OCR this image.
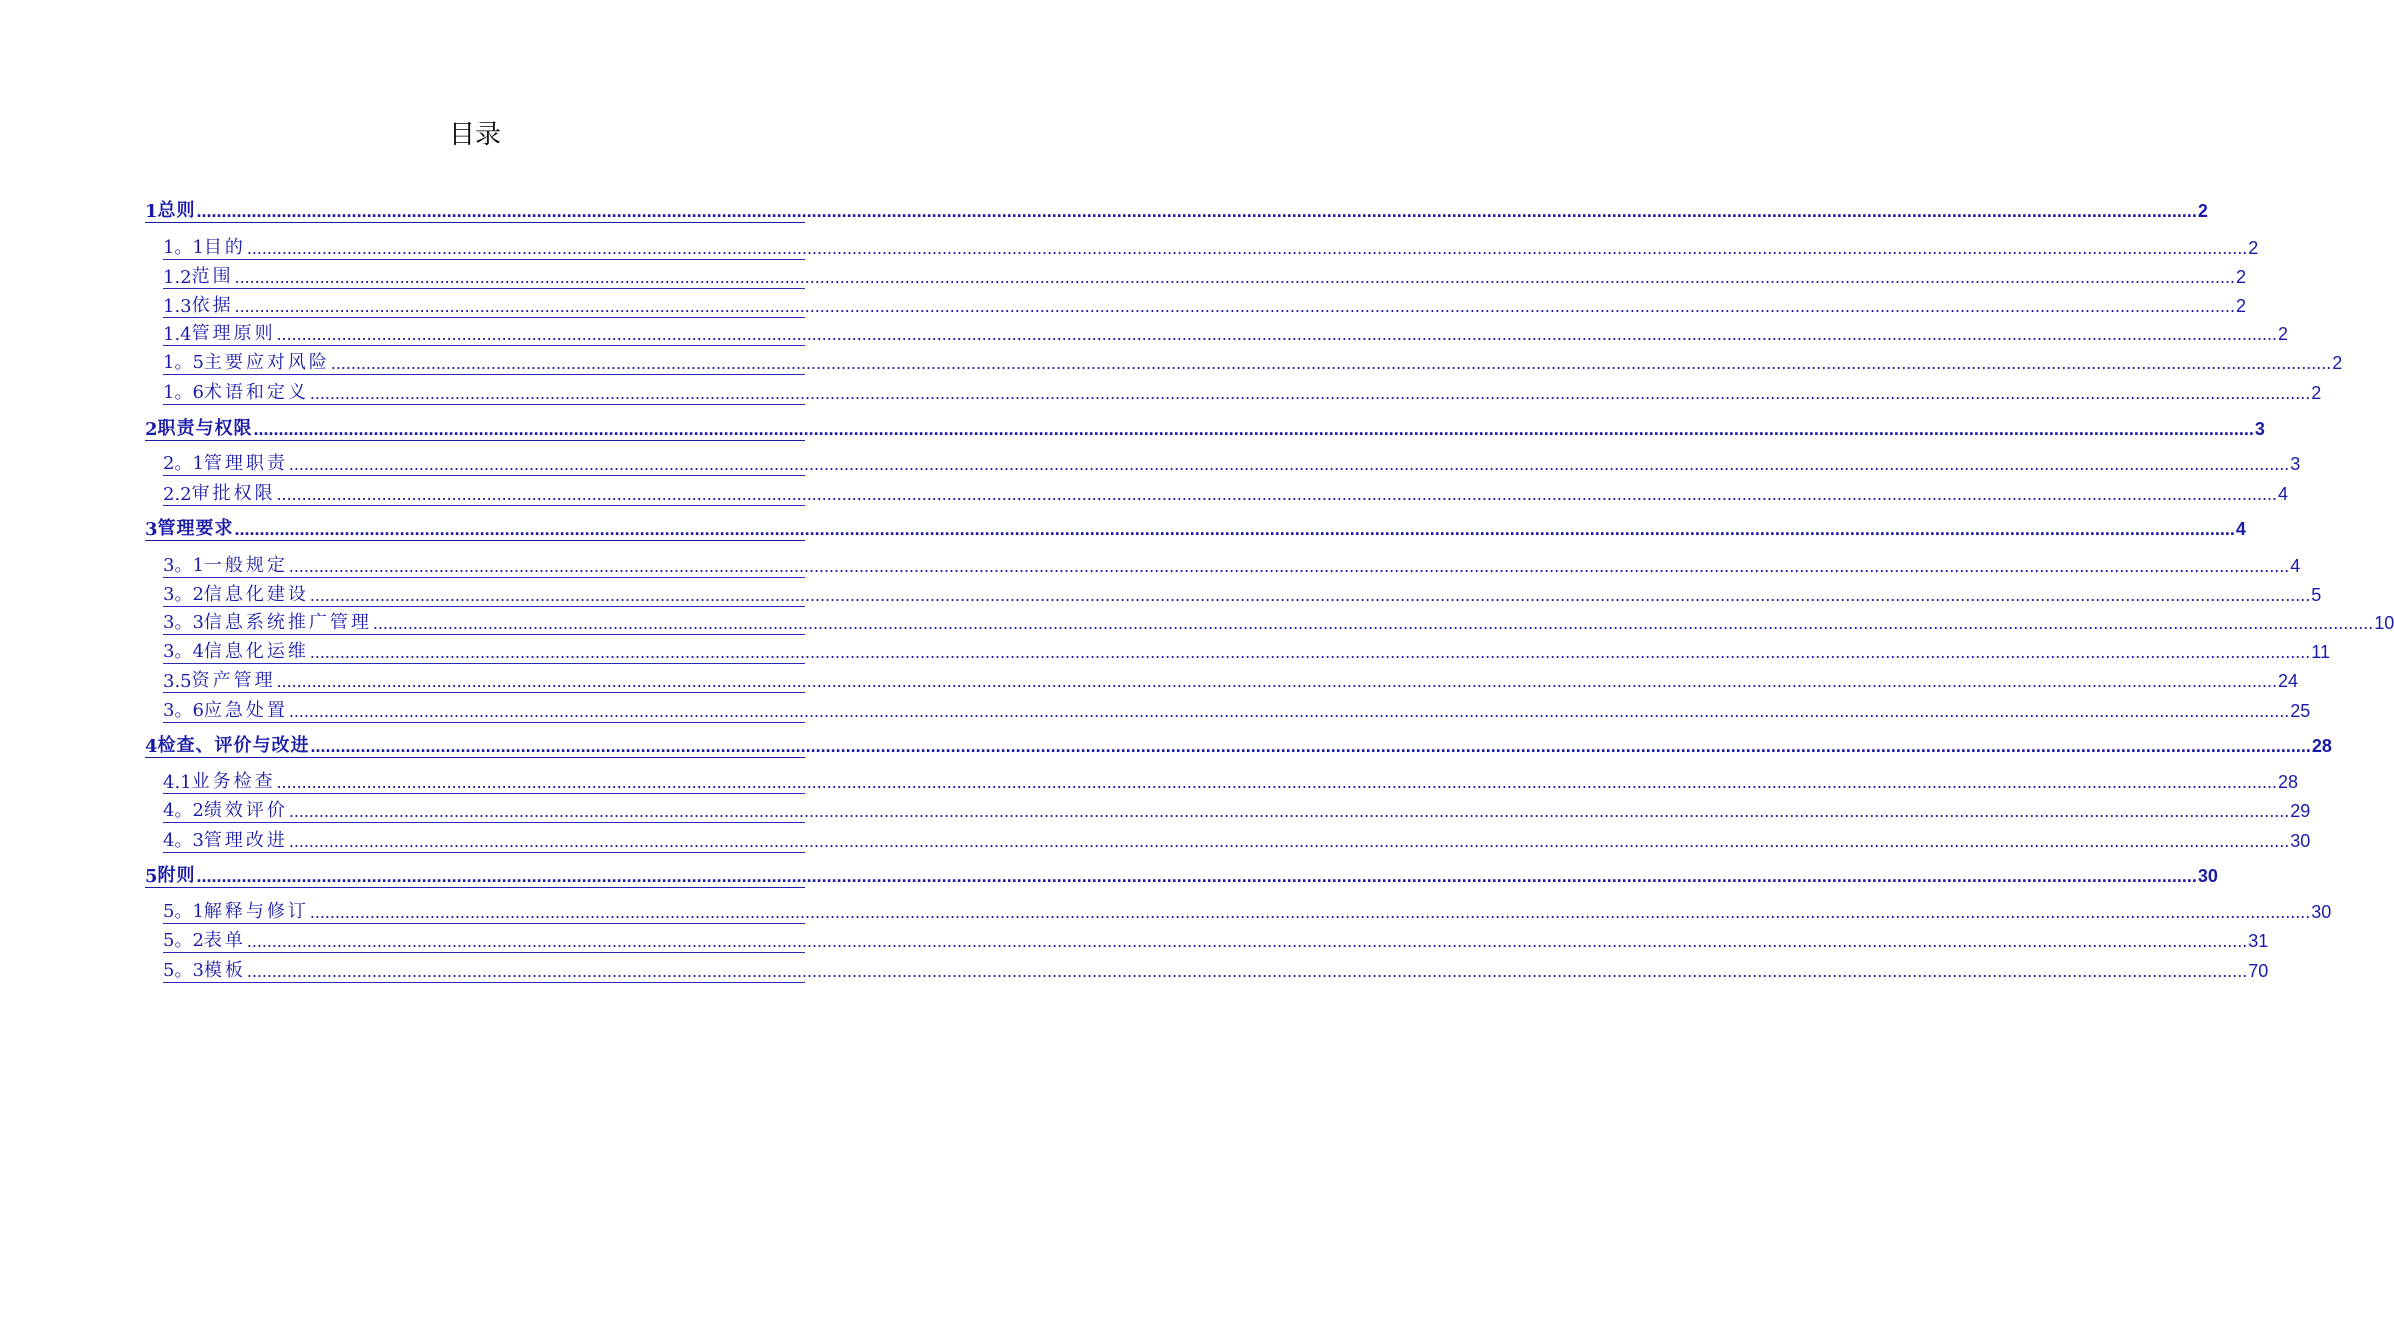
目录
1 总则 ................................................................................................................................................................................................................................................................................................................................................................................................................ 2
1。1 目的 ................................................................................................................................................................................................................................................................................................................................................................................................................ 2
1.2 范围 ................................................................................................................................................................................................................................................................................................................................................................................................................ 2
1.3 依据 ................................................................................................................................................................................................................................................................................................................................................................................................................ 2
1.4 管理原则 ................................................................................................................................................................................................................................................................................................................................................................................................................ 2
1。5 主要应对风险 ................................................................................................................................................................................................................................................................................................................................................................................................................ 2
1。6 术语和定义 ................................................................................................................................................................................................................................................................................................................................................................................................................ 2
2 职责与权限 ................................................................................................................................................................................................................................................................................................................................................................................................................ 3
2。1 管理职责 ................................................................................................................................................................................................................................................................................................................................................................................................................ 3
2.2 审批权限 ................................................................................................................................................................................................................................................................................................................................................................................................................ 4
3 管理要求 ................................................................................................................................................................................................................................................................................................................................................................................................................ 4
3。1 一般规定 ................................................................................................................................................................................................................................................................................................................................................................................................................ 4
3。2 信息化建设 ................................................................................................................................................................................................................................................................................................................................................................................................................ 5
3。3 信息系统推广管理 ................................................................................................................................................................................................................................................................................................................................................................................................................ 10
3。4 信息化运维 ................................................................................................................................................................................................................................................................................................................................................................................................................ 11
3.5 资产管理 ................................................................................................................................................................................................................................................................................................................................................................................................................ 24
3。6 应急处置 ................................................................................................................................................................................................................................................................................................................................................................................................................ 25
4 检查、评价与改进 ................................................................................................................................................................................................................................................................................................................................................................................................................ 28
4.1 业务检查 ................................................................................................................................................................................................................................................................................................................................................................................................................ 28
4。2 绩效评价 ................................................................................................................................................................................................................................................................................................................................................................................................................ 29
4。3 管理改进 ................................................................................................................................................................................................................................................................................................................................................................................................................ 30
5 附则 ................................................................................................................................................................................................................................................................................................................................................................................................................ 30
5。1 解释与修订 ................................................................................................................................................................................................................................................................................................................................................................................................................ 30
5。2 表单 ................................................................................................................................................................................................................................................................................................................................................................................................................ 31
5。3 模板 ................................................................................................................................................................................................................................................................................................................................................................................................................ 70
